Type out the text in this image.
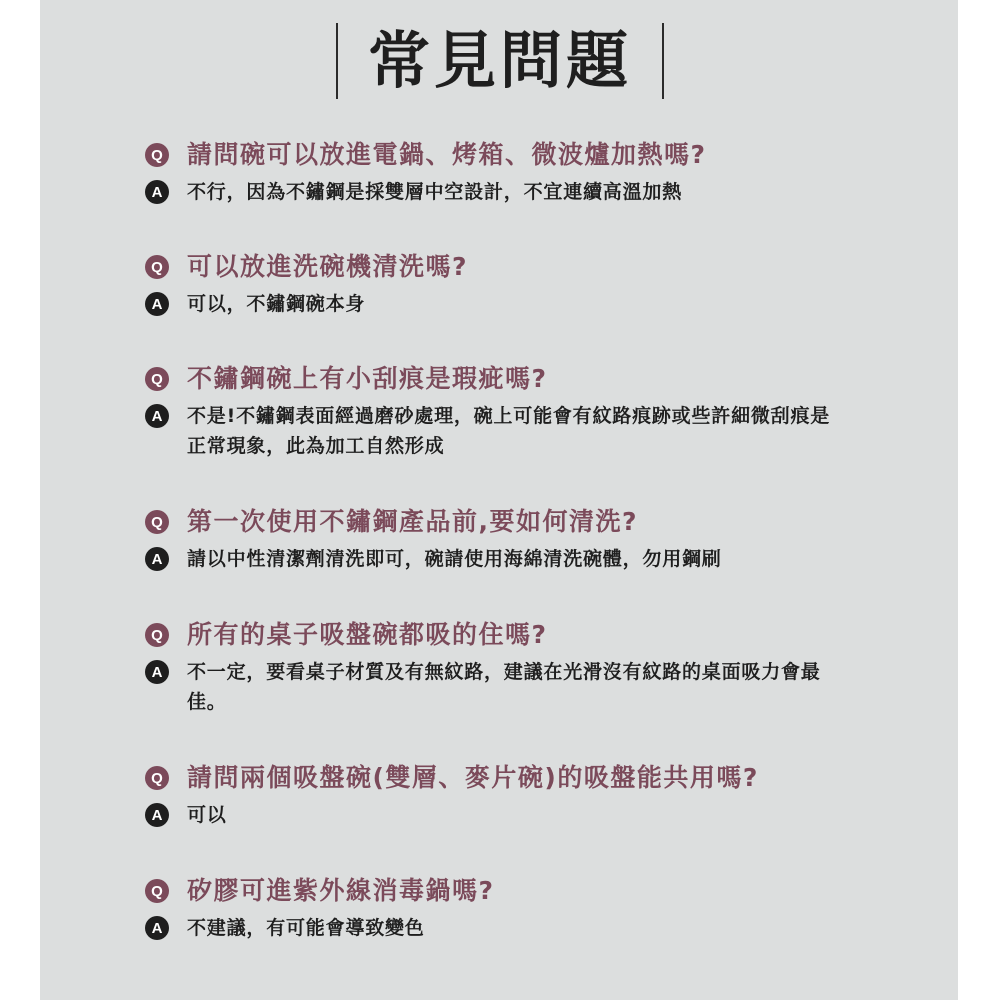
常見問題
Q 請問碗可以放進電鍋、烤箱、微波爐加熱嗎?
A	不行，因為不鏽鋼是採雙層中空設計，不宜連續高溫加熱
Q 可以放進洗碗機清洗嗎?
A	可以，不鏽鋼碗本身
Q 不鏽鋼碗上有小刮痕是瑕疵嗎?
A	不是!不鏽鋼表面經過磨砂處理，碗上可能會有紋路痕跡或些許細微刮痕是正常現象，此為加工自然形成
Q 第一次使用不鏽鋼產品前,要如何清洗?
A	請以中性清潔劑清洗即可，碗請使用海綿清洗碗體，勿用鋼刷
Q 所有的桌子吸盤碗都吸的住嗎?
A	不一定，要看桌子材質及有無紋路，建議在光滑沒有紋路的桌面吸力會最佳。
Q 請問兩個吸盤碗(雙層、麥片碗)的吸盤能共用嗎?
A	可以
Q 矽膠可進紫外線消毒鍋嗎?
A	不建議，有可能會導致變色
